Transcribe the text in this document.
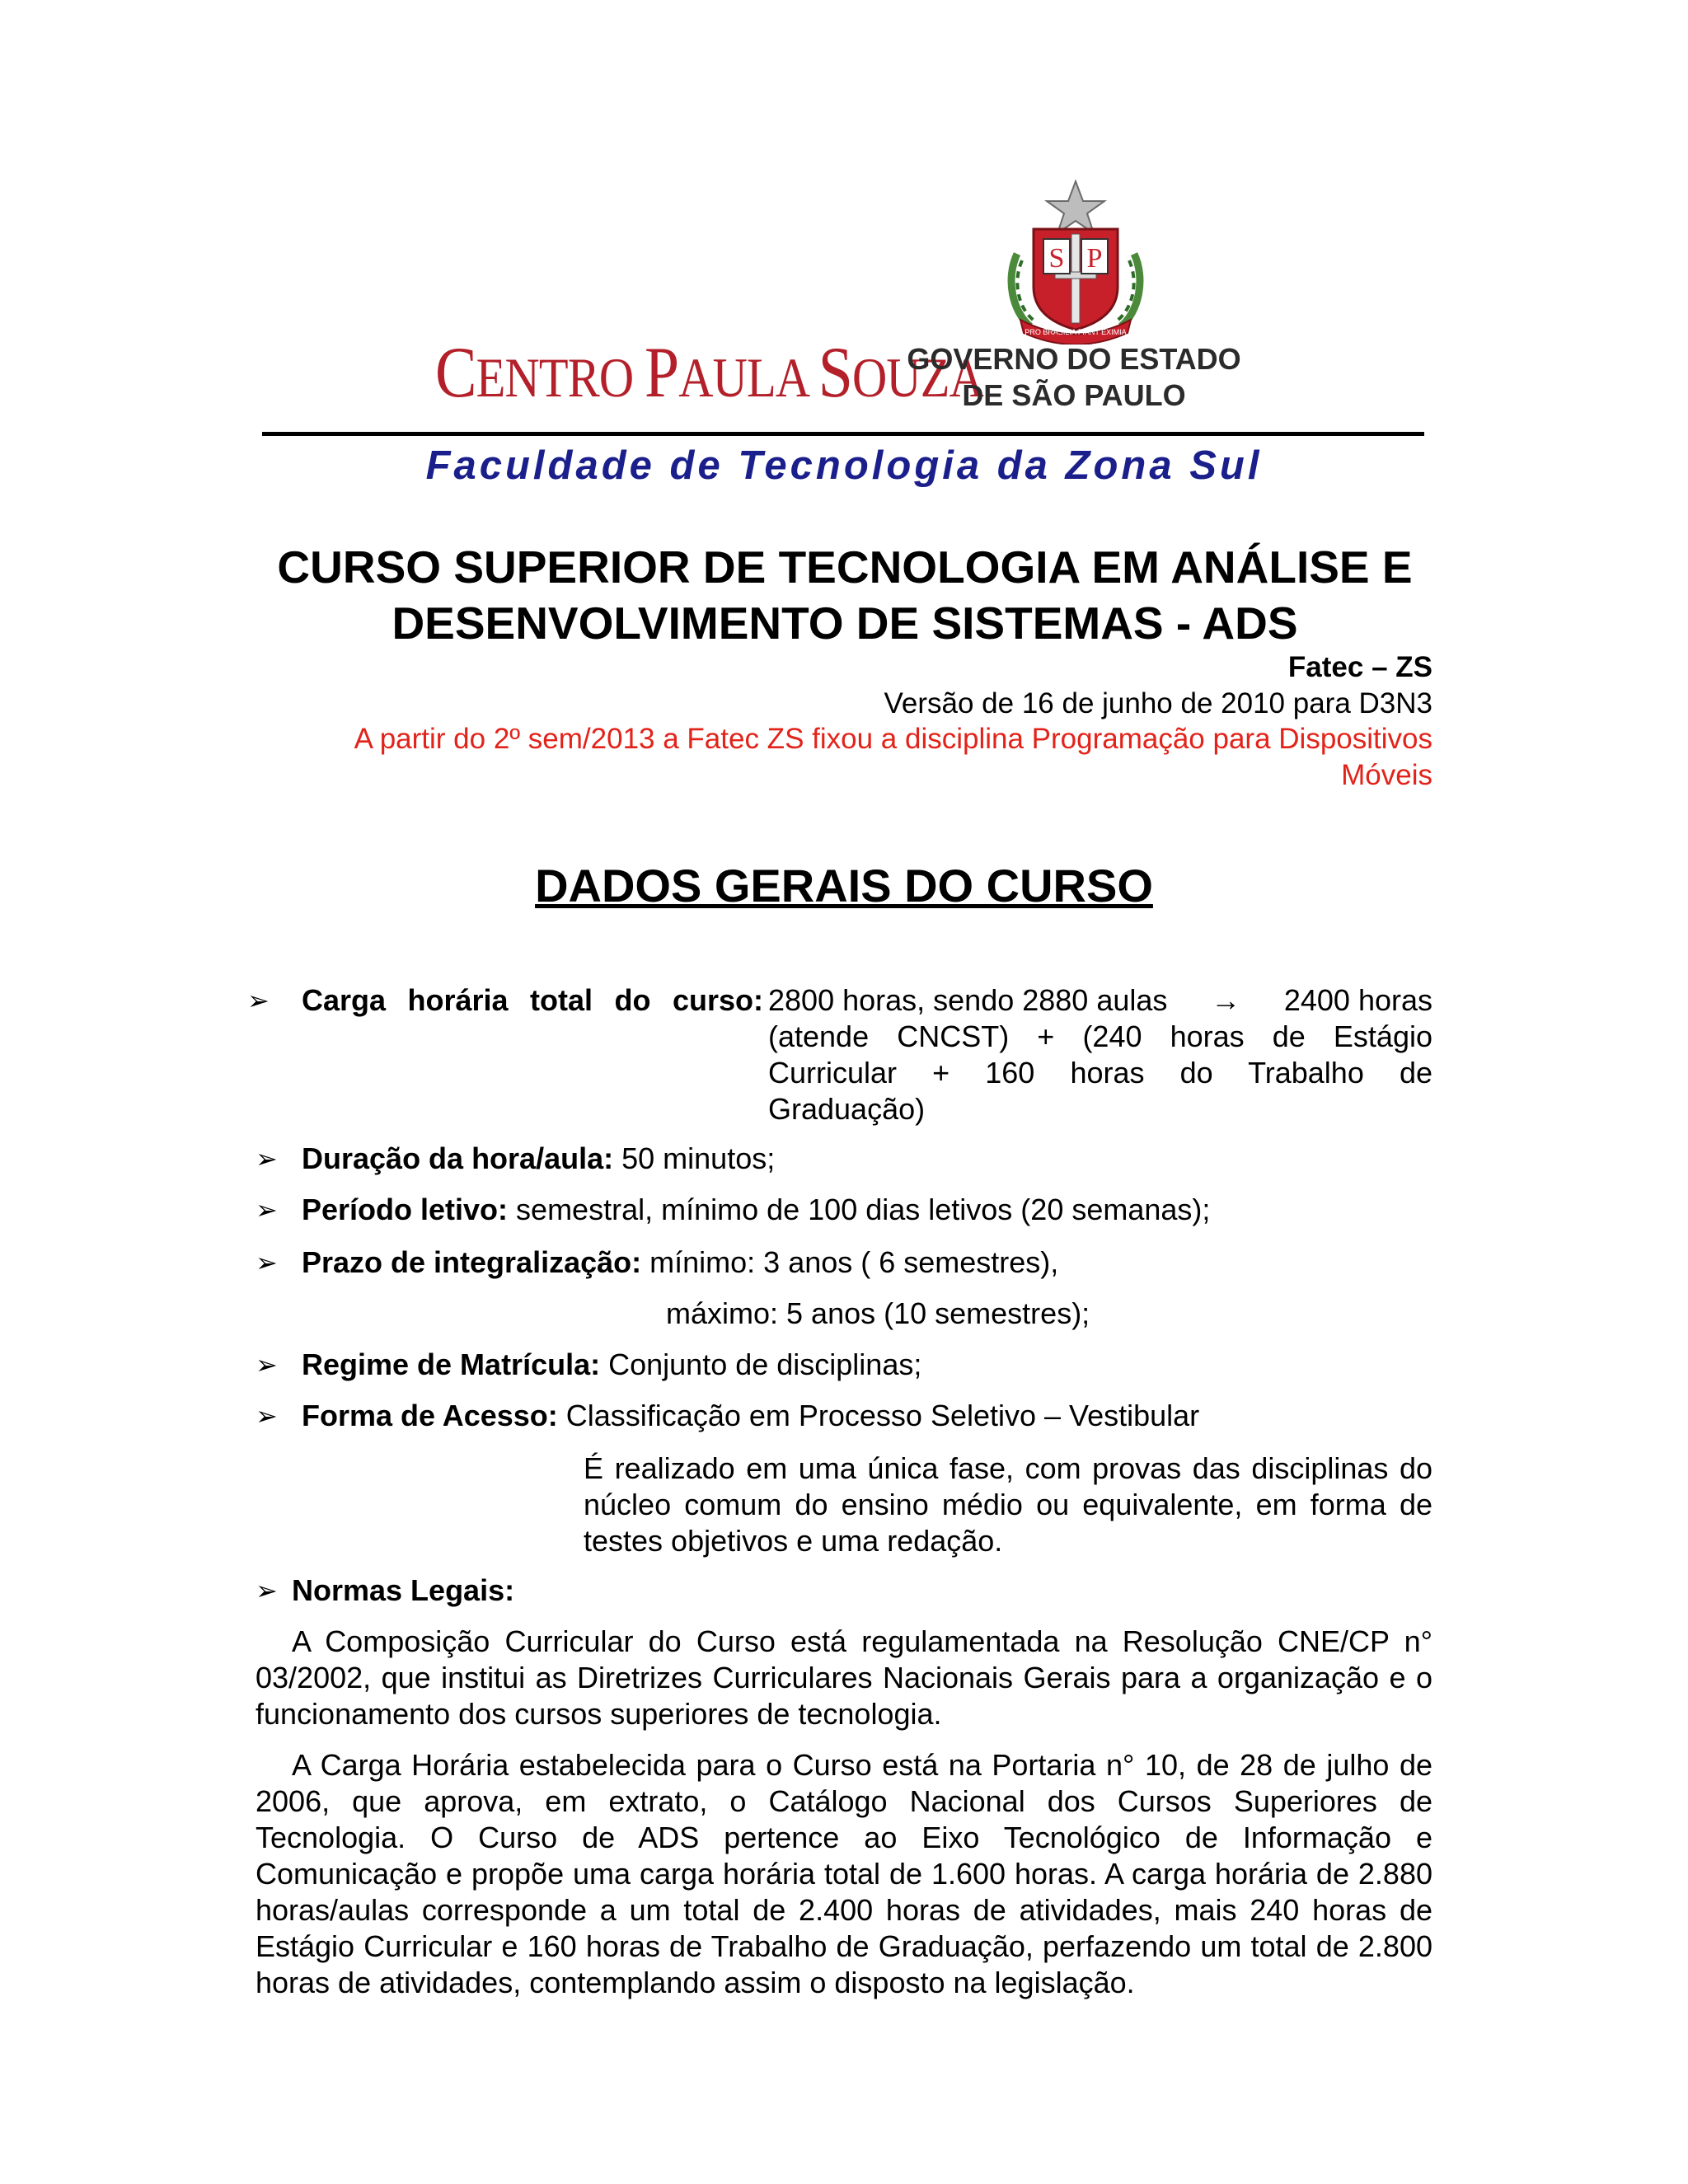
S P
PRO BRASILIA FIANT EXIMIA
CENTRO PAULA SOUZA
GOVERNO DO ESTADO
DE SÃO PAULO
Faculdade de Tecnologia da Zona Sul
CURSO SUPERIOR DE TECNOLOGIA EM ANÁLISE E
DESENVOLVIMENTO DE SISTEMAS - ADS
Fatec – ZS
Versão de 16 de junho de 2010 para D3N3
A partir do 2º sem/2013 a Fatec ZS fixou a disciplina Programação para Dispositivos
Móveis
DADOS GERAIS DO CURSO
➢ Carga horária total do curso: 2800 horas, sendo 2880 aulas → 2400 horas
(atende CNCST) + (240 horas de Estágio Curricular + 160 horas do Trabalho de Graduação)
➢ Duração da hora/aula: 50 minutos;
➢ Período letivo: semestral, mínimo de 100 dias letivos (20 semanas);
➢ Prazo de integralização: mínimo: 3 anos ( 6 semestres),
máximo: 5 anos (10 semestres);
➢ Regime de Matrícula: Conjunto de disciplinas;
➢ Forma de Acesso: Classificação em Processo Seletivo – Vestibular
É realizado em uma única fase, com provas das disciplinas do núcleo comum do ensino médio ou equivalente, em forma de testes objetivos e uma redação.
➢ Normas Legais:
A Composição Curricular do Curso está regulamentada na Resolução CNE/CP n° 03/2002, que institui as Diretrizes Curriculares Nacionais Gerais para a organização e o funcionamento dos cursos superiores de tecnologia.
A Carga Horária estabelecida para o Curso está na Portaria n° 10, de 28 de julho de 2006, que aprova, em extrato, o Catálogo Nacional dos Cursos Superiores de Tecnologia. O Curso de ADS pertence ao Eixo Tecnológico de Informação e Comunicação e propõe uma carga horária total de 1.600 horas. A carga horária de 2.880 horas/aulas corresponde a um total de 2.400 horas de atividades, mais 240 horas de Estágio Curricular e 160 horas de Trabalho de Graduação, perfazendo um total de 2.800 horas de atividades, contemplando assim o disposto na legislação.
